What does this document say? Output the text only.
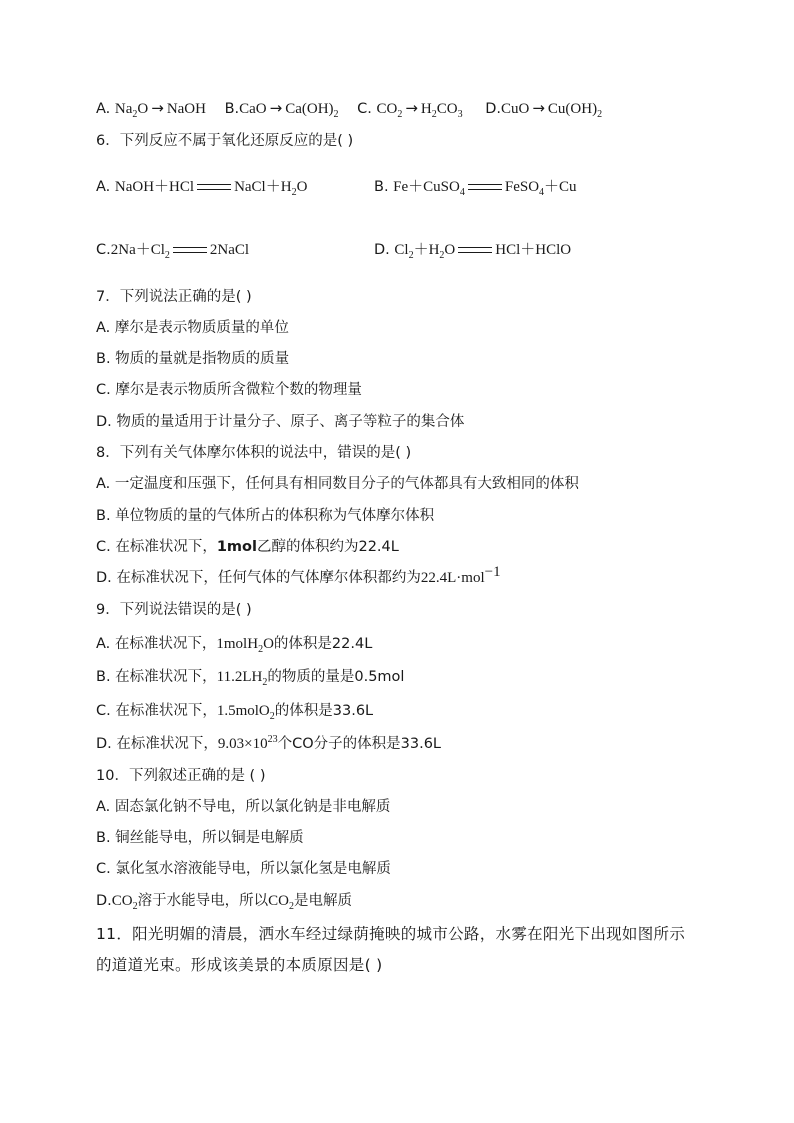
A. $Na_2O$ → NaOH $B.CaO \to Ca(OH)_2$ C. $CO_2 \to H_2CO_3$ $D.CuO \to Cu(OH)_2$
6．下列反应不属于氧化还原反应的是( )
A. NaOH＋HCl	$NaCl+H_2O$	B. Fe＋CuSO$_4$	FeSO$_4$＋Cu
$C.2Na+Cl_2$	2NaCl	D. $Cl_2+H_2O$	HCl＋HClO
7．下列说法正确的是( )
A. 摩尔是表示物质质量的单位
B. 物质的量就是指物质的质量
C. 摩尔是表示物质所含微粒个数的物理量
D. 物质的量适用于计量分子、原子、离子等粒子的集合体
8．下列有关气体摩尔体积的说法中，错误的是( )
A. 一定温度和压强下，任何具有相同数目分子的气体都具有大致相同的体积
B. 单位物质的量的气体所占的体积称为气体摩尔体积
C. 在标准状况下，1mol乙醇的体积约为22.4L
D. 在标准状况下，任何气体的气体摩尔体积都约为22.4L·mol$^{-1}$
9．下列说法错误的是( )
A. 在标准状况下，1molH$_2$O的体积是22.4L
B. 在标准状况下，$11.2LH_2$的物质的量是0.5mol
C. 在标准状况下，1.5molO$_2$的体积是33.6L
D. 在标准状况下，$9.03\times 10^{23}$个CO分子的体积是33.6L
10．下列叙述正确的是 ( )
A. 固态氯化钠不导电，所以氯化钠是非电解质
B. 铜丝能导电，所以铜是电解质
C. 氯化氢水溶液能导电，所以氯化氢是电解质
$D.CO_2$溶于水能导电，所以$CO_2$是电解质
11．阳光明媚的清晨，洒水车经过绿荫掩映的城市公路，水雾在阳光下出现如图所示
的道道光束。形成该美景的本质原因是( )
